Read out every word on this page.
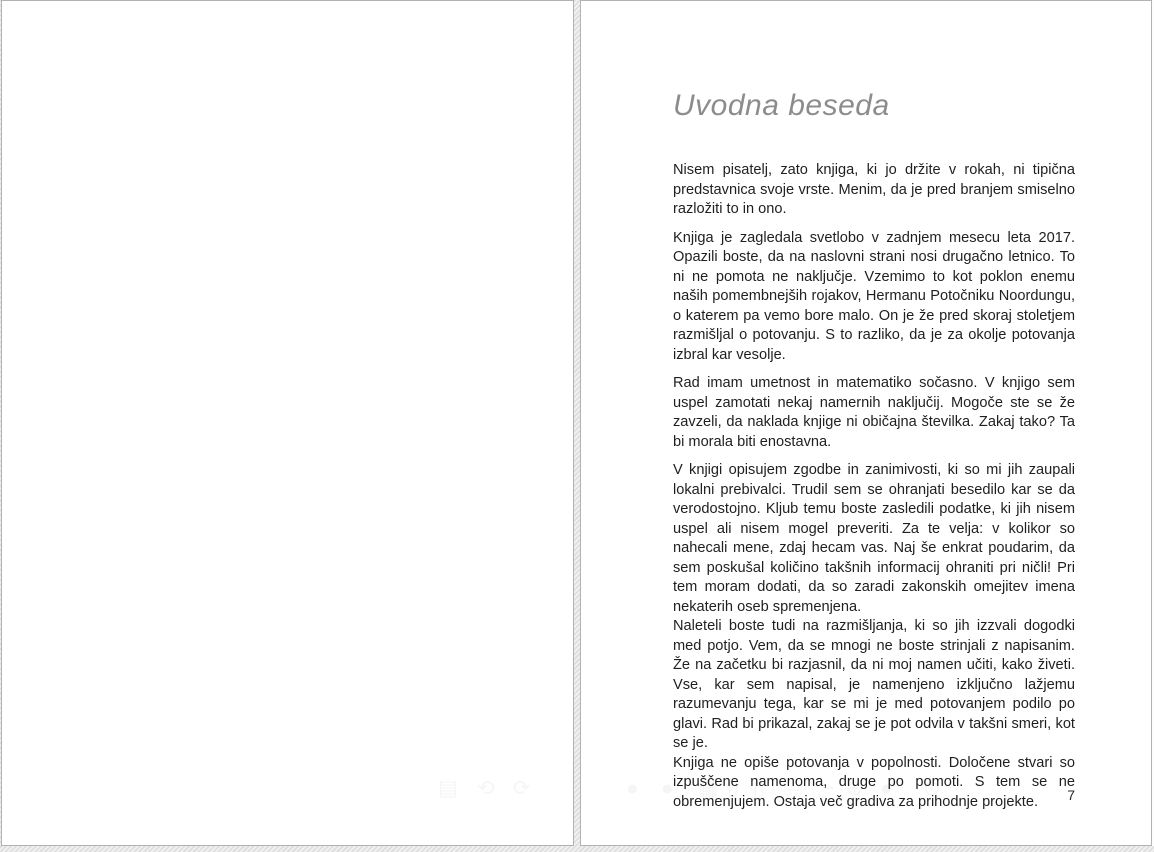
Uvodna beseda

Nisem pisatelj, zato knjiga, ki jo držite v rokah, ni tipična predstavnica svoje vrste. Menim, da je pred branjem smiselno razložiti to in ono.

Knjiga je zagledala svetlobo v zadnjem mesecu leta 2017. Opazili boste, da na naslovni strani nosi drugačno letnico. To ni ne pomota ne naključje. Vzemimo to kot poklon enemu naših pomembnejših rojakov, Hermanu Potočniku Noordungu, o katerem pa vemo bore malo. On je že pred skoraj stoletjem razmišljal o potovanju. S to razliko, da je za okolje potovanja izbral kar vesolje.

Rad imam umetnost in matematiko sočasno. V knjigo sem uspel zamotati nekaj namernih naključij. Mogoče ste se že zavzeli, da naklada knjige ni običajna številka. Zakaj tako? Ta bi morala biti enostavna.

V knjigi opisujem zgodbe in zanimivosti, ki so mi jih zaupali lokalni prebivalci. Trudil sem se ohranjati besedilo kar se da verodostojno. Kljub temu boste zasledili podatke, ki jih nisem uspel ali nisem mogel preveriti. Za te velja: v kolikor so nahecali mene, zdaj hecam vas. Naj še enkrat poudarim, da sem poskušal količino takšnih informacij ohraniti pri ničli! Pri tem moram dodati, da so zaradi zakonskih omejitev imena nekaterih oseb spremenjena.

Naleteli boste tudi na razmišljanja, ki so jih izzvali dogodki med potjo. Vem, da se mnogi ne boste strinjali z napisanim. Že na začetku bi razjasnil, da ni moj namen učiti, kako živeti. Vse, kar sem napisal, je namenjeno izključno lažjemu razumevanju tega, kar se mi je med potovanjem podilo po glavi. Rad bi prikazal, zakaj se je pot odvila v takšni smeri, kot se je.

Knjiga ne opiše potovanja v popolnosti. Določene stvari so izpuščene namenoma, druge po pomoti. S tem se ne obremenjujem. Ostaja več gradiva za prihodnje projekte.	7
